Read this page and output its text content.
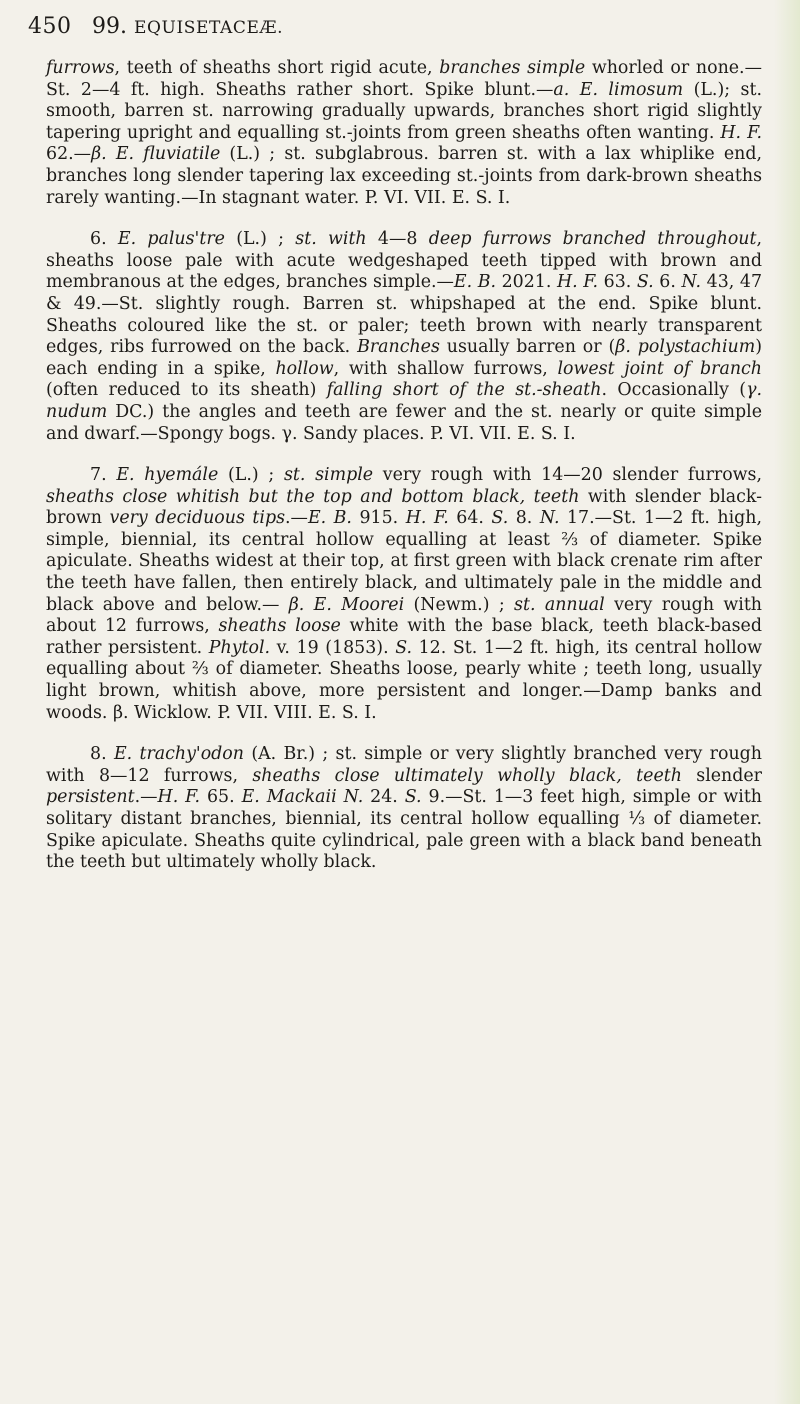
450 99. EQUISETACEÆ.

furrows, teeth of sheaths short rigid acute, branches simple whorled or none.—St. 2—4 ft. high. Sheaths rather short. Spike blunt.—a. E. limosum (L.); st. smooth, barren st. narrowing gradually upwards, branches short rigid slightly tapering upright and equalling st.-joints from green sheaths often wanting. H. F. 62.—β. E. fluviatile (L.) ; st. subglabrous. barren st. with a lax whiplike end, branches long slender tapering lax exceeding st.-joints from dark-brown sheaths rarely wanting.—In stagnant water. P. VI. VII. E. S. I.

6. E. palus'tre (L.) ; st. with 4—8 deep furrows branched throughout, sheaths loose pale with acute wedgeshaped teeth tipped with brown and membranous at the edges, branches simple.—E. B. 2021. H. F. 63. S. 6. N. 43, 47 & 49.—St. slightly rough. Barren st. whipshaped at the end. Spike blunt. Sheaths coloured like the st. or paler; teeth brown with nearly transparent edges, ribs furrowed on the back. Branches usually barren or (β. polystachium) each ending in a spike, hollow, with shallow furrows, lowest joint of branch (often reduced to its sheath) falling short of the st.-sheath. Occasionally (γ. nudum DC.) the angles and teeth are fewer and the st. nearly or quite simple and dwarf.—Spongy bogs. γ. Sandy places. P. VI. VII. E. S. I.

7. E. hyemále (L.) ; st. simple very rough with 14—20 slender furrows, sheaths close whitish but the top and bottom black, teeth with slender black-brown very deciduous tips.—E. B. 915. H. F. 64. S. 8. N. 17.—St. 1—2 ft. high, simple, biennial, its central hollow equalling at least ⅔ of diameter. Spike apiculate. Sheaths widest at their top, at first green with black crenate rim after the teeth have fallen, then entirely black, and ultimately pale in the middle and black above and below.— β. E. Moorei (Newm.) ; st. annual very rough with about 12 furrows, sheaths loose white with the base black, teeth black-based rather persistent. Phytol. v. 19 (1853). S. 12. St. 1—2 ft. high, its central hollow equalling about ⅔ of diameter. Sheaths loose, pearly white ; teeth long, usually light brown, whitish above, more persistent and longer.—Damp banks and woods. β. Wicklow. P. VII. VIII. E. S. I.

8. E. trachy'odon (A. Br.) ; st. simple or very slightly branched very rough with 8—12 furrows, sheaths close ultimately wholly black, teeth slender persistent.—H. F. 65. E. Mackaii N. 24. S. 9.—St. 1—3 feet high, simple or with solitary distant branches, biennial, its central hollow equalling ⅓ of diameter. Spike apiculate. Sheaths quite cylindrical, pale green with a black band beneath the teeth but ultimately wholly black.
